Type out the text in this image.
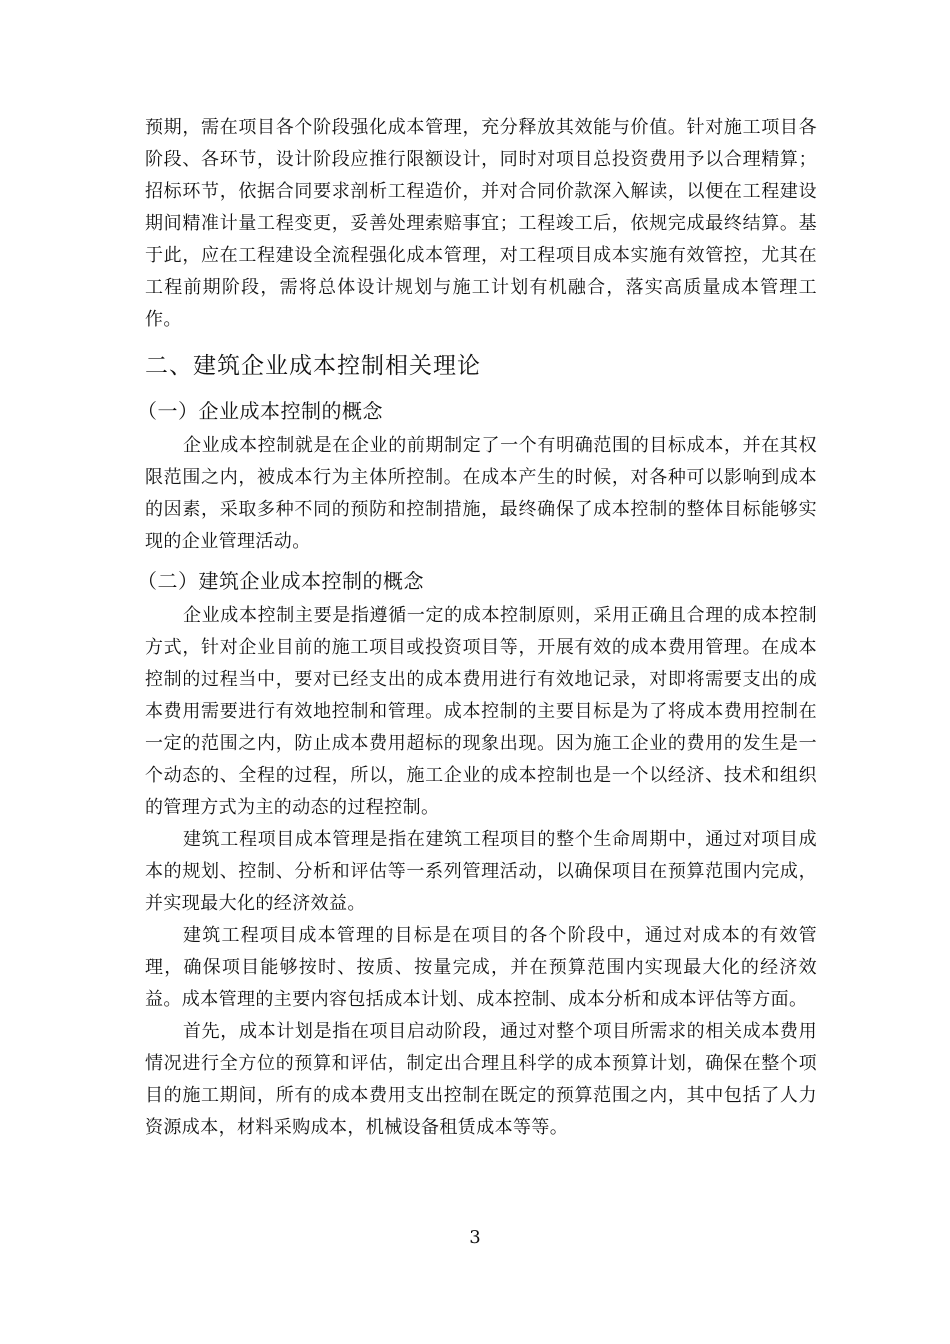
预期，需在项目各个阶段强化成本管理，充分释放其效能与价值。针对施工项目各阶段、各环节，设计阶段应推行限额设计，同时对项目总投资费用予以合理精算；招标环节，依据合同要求剖析工程造价，并对合同价款深入解读，以便在工程建设期间精准计量工程变更，妥善处理索赔事宜；工程竣工后，依规完成最终结算。基于此，应在工程建设全流程强化成本管理，对工程项目成本实施有效管控，尤其在工程前期阶段，需将总体设计规划与施工计划有机融合，落实高质量成本管理工作。

二、建筑企业成本控制相关理论
（一）企业成本控制的概念

企业成本控制就是在企业的前期制定了一个有明确范围的目标成本，并在其权限范围之内，被成本行为主体所控制。在成本产生的时候，对各种可以影响到成本的因素，采取多种不同的预防和控制措施，最终确保了成本控制的整体目标能够实现的企业管理活动。

（二）建筑企业成本控制的概念

企业成本控制主要是指遵循一定的成本控制原则，采用正确且合理的成本控制方式，针对企业目前的施工项目或投资项目等，开展有效的成本费用管理。在成本控制的过程当中，要对已经支出的成本费用进行有效地记录，对即将需要支出的成本费用需要进行有效地控制和管理。成本控制的主要目标是为了将成本费用控制在一定的范围之内，防止成本费用超标的现象出现。因为施工企业的费用的发生是一个动态的、全程的过程，所以，施工企业的成本控制也是一个以经济、技术和组织的管理方式为主的动态的过程控制。

建筑工程项目成本管理是指在建筑工程项目的整个生命周期中，通过对项目成本的规划、控制、分析和评估等一系列管理活动，以确保项目在预算范围内完成，并实现最大化的经济效益。

建筑工程项目成本管理的目标是在项目的各个阶段中，通过对成本的有效管理，确保项目能够按时、按质、按量完成，并在预算范围内实现最大化的经济效益。成本管理的主要内容包括成本计划、成本控制、成本分析和成本评估等方面。

首先，成本计划是指在项目启动阶段，通过对整个项目所需求的相关成本费用情况进行全方位的预算和评估，制定出合理且科学的成本预算计划，确保在整个项目的施工期间，所有的成本费用支出控制在既定的预算范围之内，其中包括了人力资源成本，材料采购成本，机械设备租赁成本等等。

3
